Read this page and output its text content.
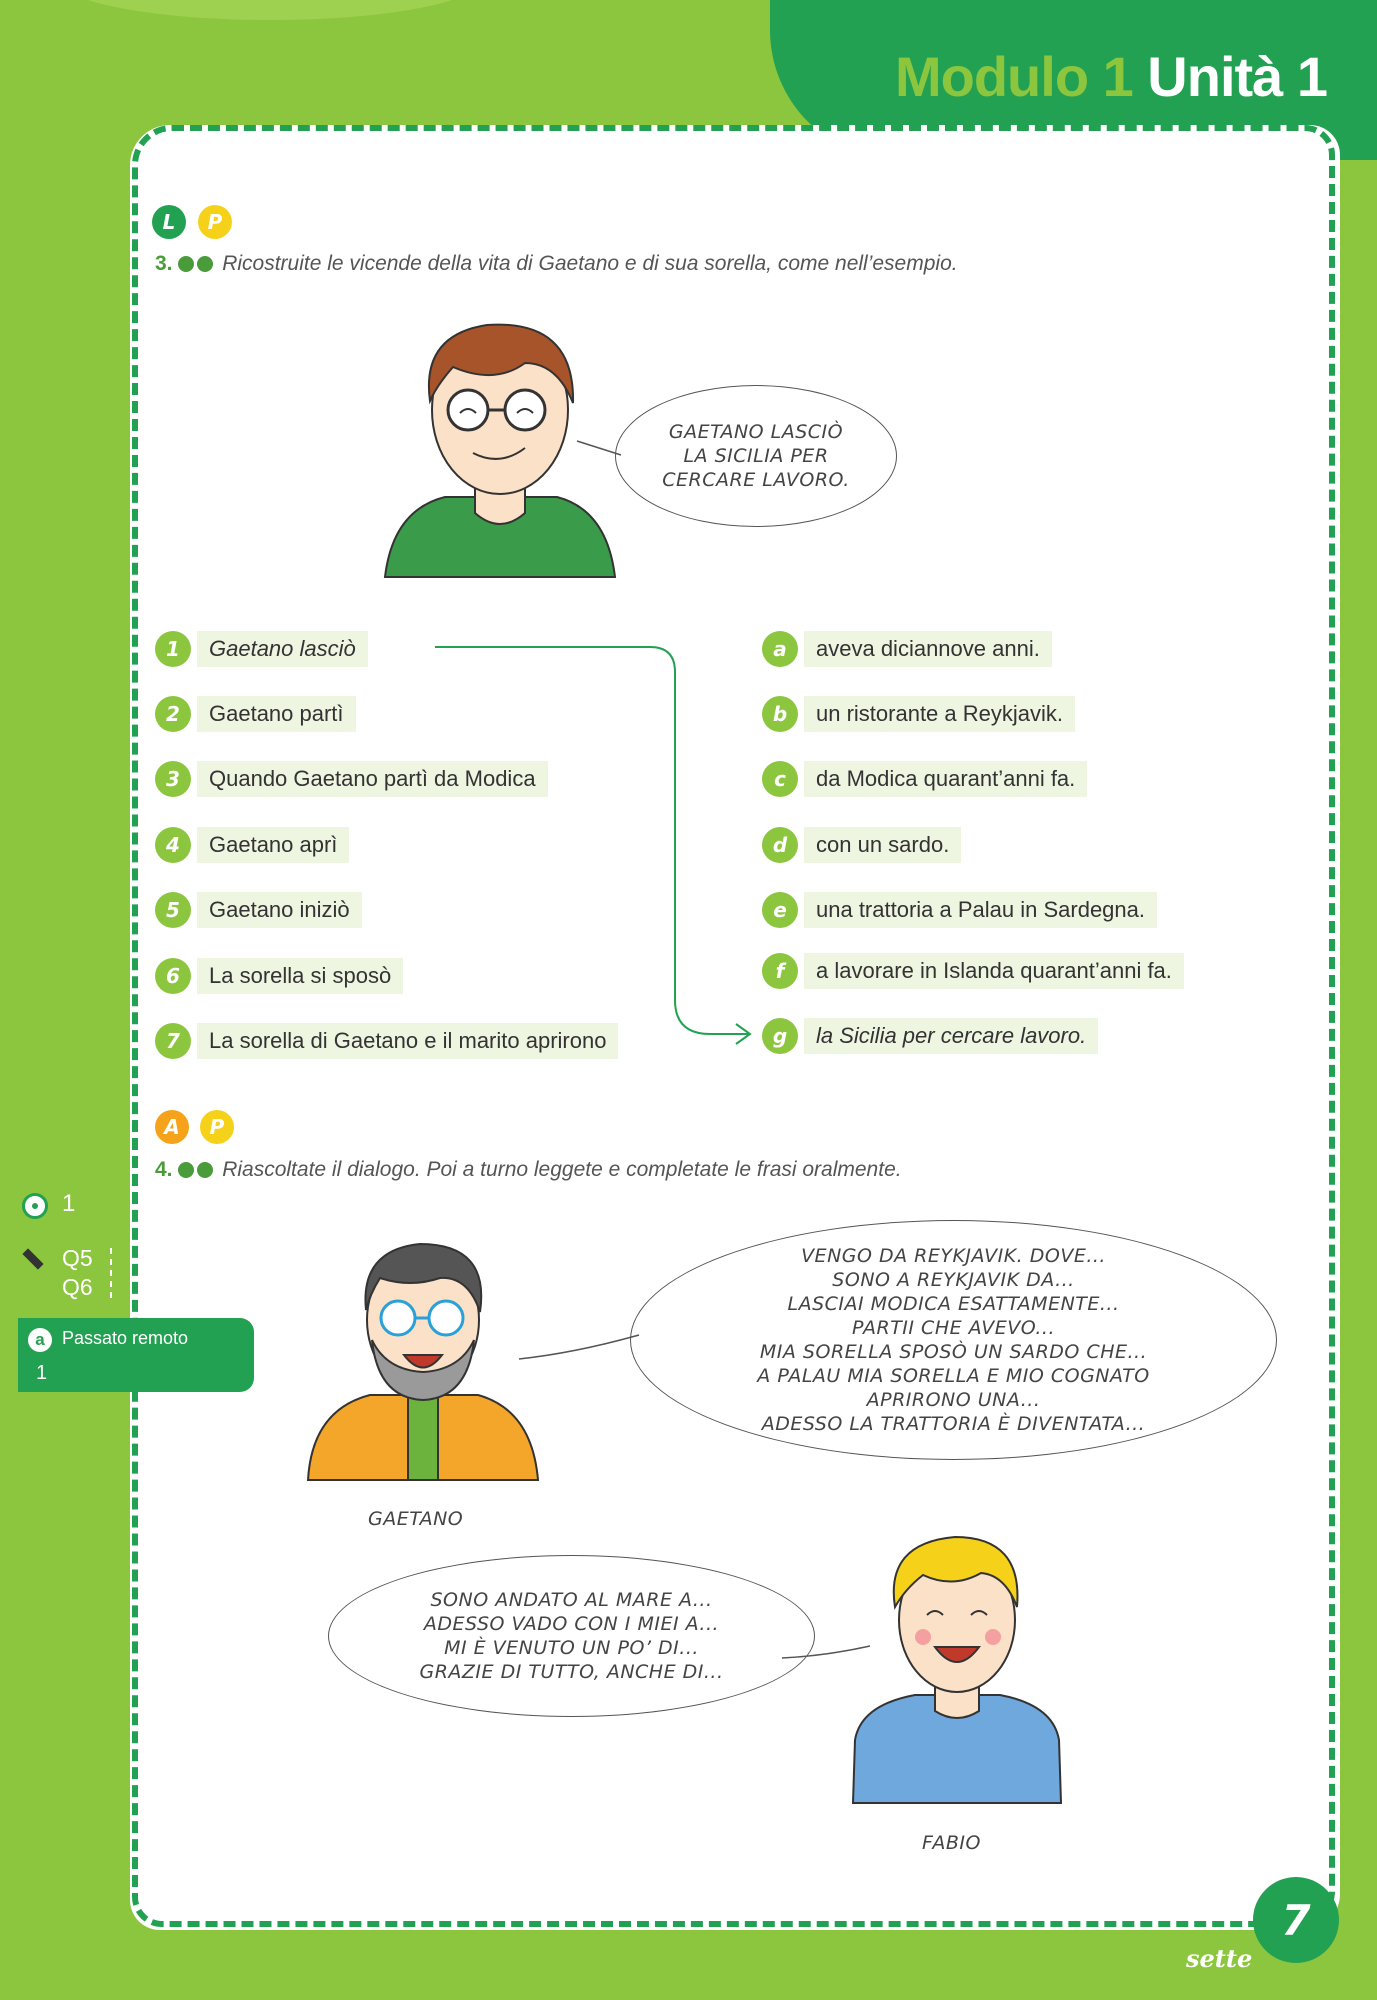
Modulo 1 Unità 1
L	P
3. Ricostruite le vicende della vita di Gaetano e di sua sorella, come nell’esempio.
GAETANO LASCIÒ
LA SICILIA PER
CERCARE LAVORO.
1	Gaetano lasciò
2	Gaetano partì
3	Quando Gaetano partì da Modica
4	Gaetano aprì
5	Gaetano iniziò
6	La sorella si sposò
7	La sorella di Gaetano e il marito aprirono
a	aveva diciannove anni.
b	un ristorante a Reykjavik.
c	da Modica quarant’anni fa.
d	con un sardo.
e	una trattoria a Palau in Sardegna.
f	a lavorare in Islanda quarant’anni fa.
g	la Sicilia per cercare lavoro.
A	P
4. Riascoltate il dialogo. Poi a turno leggete e completate le frasi oralmente.
VENGO DA REYKJAVIK. DOVE...
SONO A REYKJAVIK DA...
LASCIAI MODICA ESATTAMENTE...
PARTII CHE AVEVO...
MIA SORELLA SPOSÒ UN SARDO CHE...
A PALAU MIA SORELLA E MIO COGNATO
APRIRONO UNA...
ADESSO LA TRATTORIA È DIVENTATA...
GAETANO
SONO ANDATO AL MARE A...
ADESSO VADO CON I MIEI A...
MI È VENUTO UN PO’ DI...
GRAZIE DI TUTTO, ANCHE DI...
FABIO
1
Q5
Q6
a Passato remoto
1
7
sette
